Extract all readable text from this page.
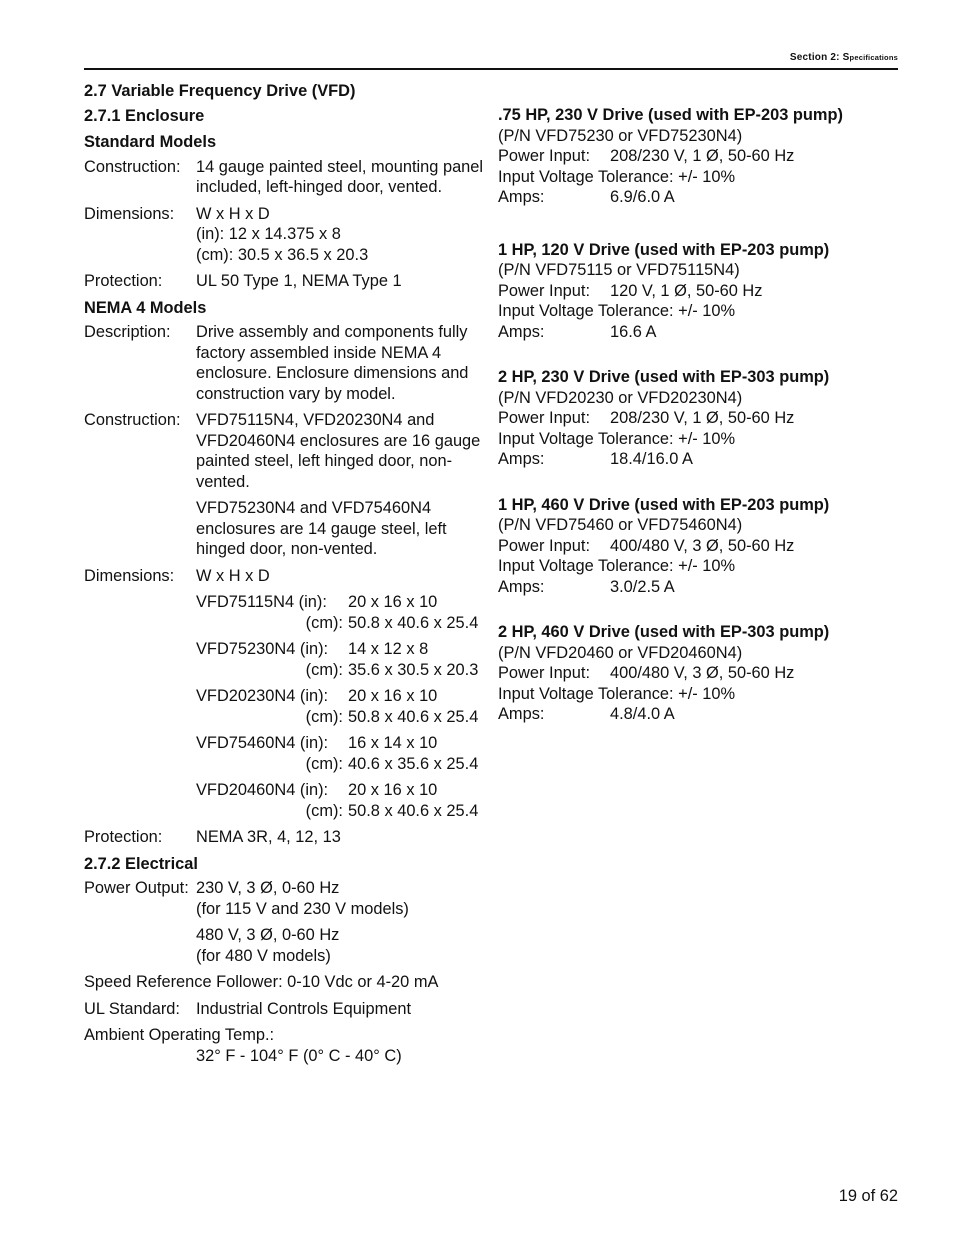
Section 2: Specifications

2.7 Variable Frequency Drive (VFD)

2.7.1 Enclosure

Standard Models

Construction: 14 gauge painted steel, mounting panel included, left-hinged door, vented.
Dimensions:	W x H x D

(in): 12 x 14.375 x 8

(cm): 30.5 x 36.5 x 20.3

Protection:	UL 50 Type 1, NEMA Type 1

NEMA 4 Models

Description:	Drive assembly and components fully factory assembled inside NEMA 4 enclosure. Enclosure dimensions and construction vary by model.
Construction: VFD75115N4, VFD20230N4 and VFD20460N4 enclosures are 16 gauge painted steel, left hinged door, non-vented.

VFD75230N4 and VFD75460N4 enclosures are 14 gauge steel, left hinged door, non-vented.

Dimensions:	W x H x D
VFD75115N4 (in):	20 x 16 x 10
(cm): 50.8 x 40.6 x 25.4
VFD75230N4 (in):	14 x 12 x 8
(cm): 35.6 x 30.5 x 20.3
VFD20230N4 (in):	20 x 16 x 10
(cm): 50.8 x 40.6 x 25.4
VFD75460N4 (in):	16 x 14 x 10
(cm): 40.6 x 35.6 x 25.4
VFD20460N4 (in):	20 x 16 x 10
(cm): 50.8 x 40.6 x 25.4
Protection:	NEMA 3R, 4, 12, 13

2.7.2 Electrical

Power Output: 230 V, 3 Ø, 0-60 Hz

(for 115 V and 230 V models)

480 V, 3 Ø, 0-60 Hz

(for 480 V models)

Speed Reference Follower: 0-10 Vdc or 4-20 mA
UL Standard: Industrial Controls Equipment
Ambient Operating Temp.:
32° F - 104° F (0° C - 40° C)
.75 HP, 230 V Drive (used with EP-203 pump)
(P/N VFD75230 or VFD75230N4)
Power Input:	208/230 V, 1 Ø, 50-60 Hz
Input Voltage Tolerance: +/- 10%
Amps:	6.9/6.0 A
1 HP, 120 V Drive (used with EP-203 pump)
(P/N VFD75115 or VFD75115N4)
Power Input:	120 V, 1 Ø, 50-60 Hz
Input Voltage Tolerance: +/- 10%
Amps:	16.6 A
2 HP, 230 V Drive (used with EP-303 pump)
(P/N VFD20230 or VFD20230N4)
Power Input:	208/230 V, 1 Ø, 50-60 Hz
Input Voltage Tolerance: +/- 10%
Amps:	18.4/16.0 A
1 HP, 460 V Drive (used with EP-203 pump)
(P/N VFD75460 or VFD75460N4)
Power Input:	400/480 V, 3 Ø, 50-60 Hz
Input Voltage Tolerance: +/- 10%
Amps:	3.0/2.5 A
2 HP, 460 V Drive (used with EP-303 pump)
(P/N VFD20460 or VFD20460N4)
Power Input:	400/480 V, 3 Ø, 50-60 Hz
Input Voltage Tolerance: +/- 10%
Amps:	4.8/4.0 A
19 of 62
